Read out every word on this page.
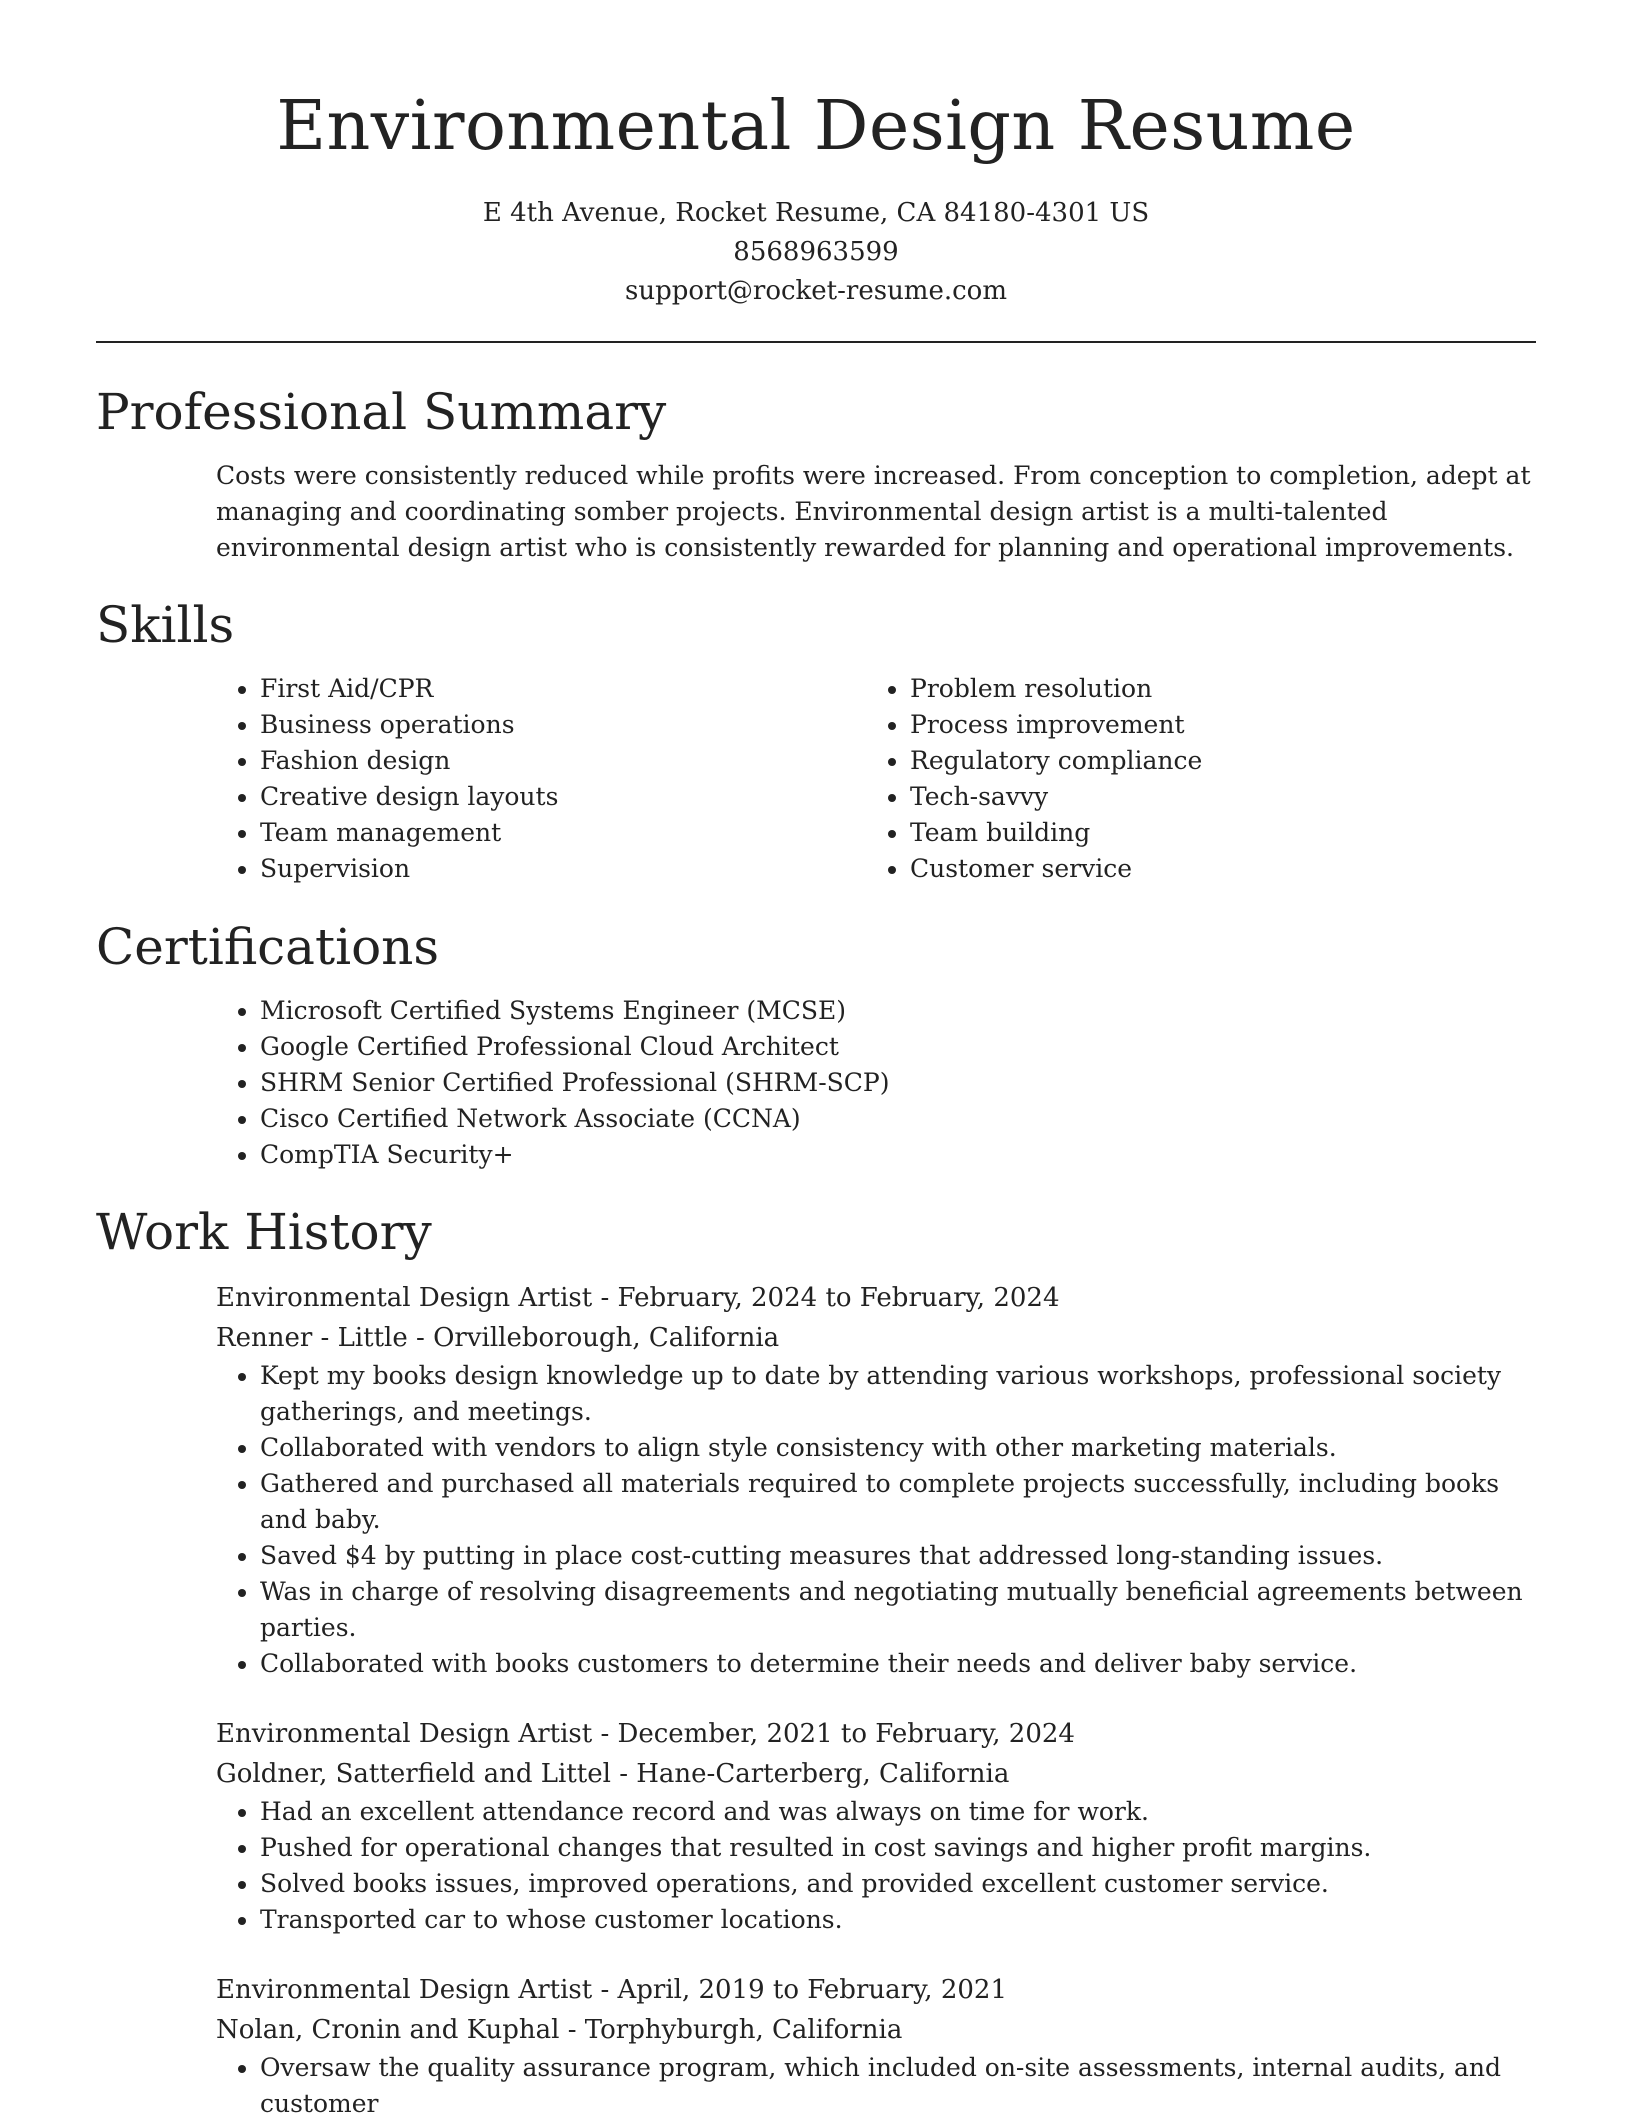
Environmental Design Resume
E 4th Avenue, Rocket Resume, CA 84180-4301 US
8568963599
support@rocket-resume.com
Professional Summary
Costs were consistently reduced while profits were increased. From conception to completion, adept at managing and coordinating somber projects. Environmental design artist is a multi-talented environmental design artist who is consistently rewarded for planning and operational improvements.
Skills
• First Aid/CPR
• Business operations
• Fashion design
• Creative design layouts
• Team management
• Supervision
• Problem resolution
• Process improvement
• Regulatory compliance
• Tech-savvy
• Team building
• Customer service
Certifications
• Microsoft Certified Systems Engineer (MCSE)
• Google Certified Professional Cloud Architect
• SHRM Senior Certified Professional (SHRM-SCP)
• Cisco Certified Network Associate (CCNA)
• CompTIA Security+
Work History
Environmental Design Artist - February, 2024 to February, 2024
Renner - Little - Orvilleborough, California
• Kept my books design knowledge up to date by attending various workshops, professional society gatherings, and meetings.
• Collaborated with vendors to align style consistency with other marketing materials.
• Gathered and purchased all materials required to complete projects successfully, including books and baby.
• Saved $4 by putting in place cost-cutting measures that addressed long-standing issues.
• Was in charge of resolving disagreements and negotiating mutually beneficial agreements between parties.
• Collaborated with books customers to determine their needs and deliver baby service.
Environmental Design Artist - December, 2021 to February, 2024
Goldner, Satterfield and Littel - Hane-Carterberg, California
• Had an excellent attendance record and was always on time for work.
• Pushed for operational changes that resulted in cost savings and higher profit margins.
• Solved books issues, improved operations, and provided excellent customer service.
• Transported car to whose customer locations.
Environmental Design Artist - April, 2019 to February, 2021
Nolan, Cronin and Kuphal - Torphyburgh, California
• Oversaw the quality assurance program, which included on-site assessments, internal audits, and customer
